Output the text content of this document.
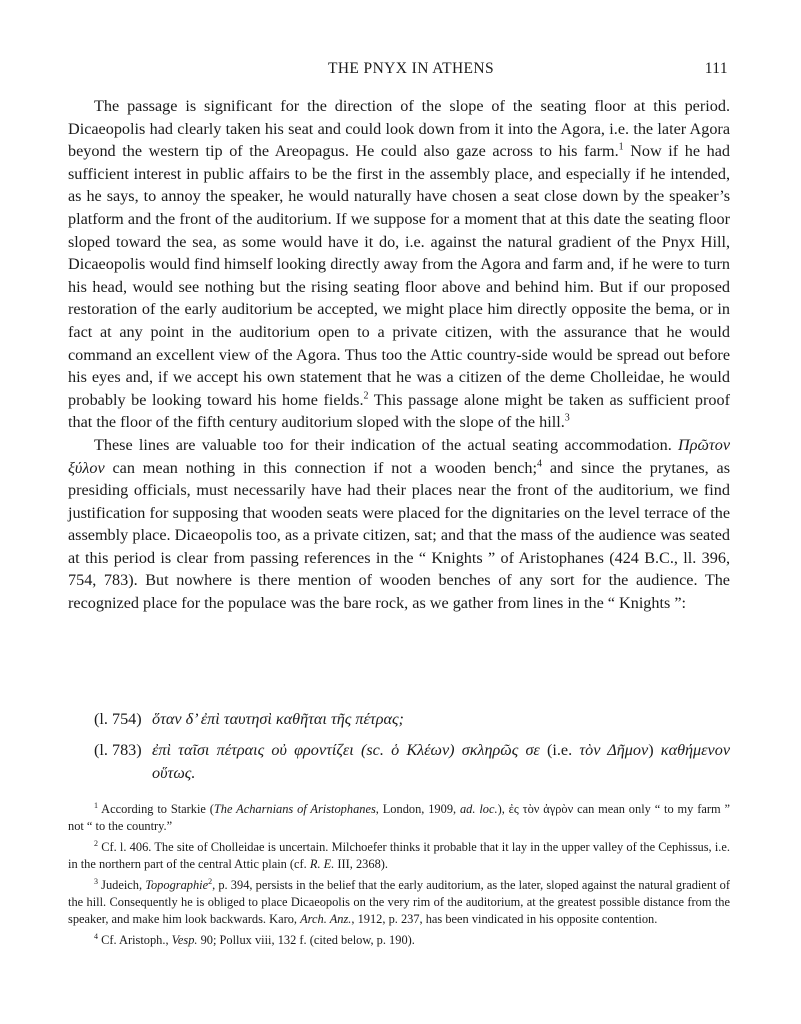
THE PNYX IN ATHENS	111

The passage is significant for the direction of the slope of the seating floor at this period. Dicaeopolis had clearly taken his seat and could look down from it into the Agora, i.e. the later Agora beyond the western tip of the Areopagus. He could also gaze across to his farm.$^1$ Now if he had sufficient interest in public affairs to be the first in the assembly place, and especially if he intended, as he says, to annoy the speaker, he would naturally have chosen a seat close down by the speaker’s platform and the front of the auditorium. If we suppose for a moment that at this date the seating floor sloped toward the sea, as some would have it do, i.e. against the natural gradient of the Pnyx Hill, Dicaeopolis would find himself looking directly away from the Agora and farm and, if he were to turn his head, would see nothing but the rising seating floor above and behind him. But if our proposed restoration of the early auditorium be accepted, we might place him directly opposite the bema, or in fact at any point in the auditorium open to a private citizen, with the assurance that he would command an excellent view of the Agora. Thus too the Attic country-side would be spread out before his eyes and, if we accept his own statement that he was a citizen of the deme Cholleidae, he would probably be looking toward his home fields.$^2$ This passage alone might be taken as sufficient proof that the floor of the fifth century auditorium sloped with the slope of the hill.$^3$

These lines are valuable too for their indication of the actual seating accommodation. Πρῶτον ξύλον can mean nothing in this connection if not a wooden bench;$^4$ and since the prytanes, as presiding officials, must necessarily have had their places near the front of the auditorium, we find justification for supposing that wooden seats were placed for the dignitaries on the level terrace of the assembly place. Dicaeopolis too, as a private citizen, sat; and that the mass of the audience was seated at this period is clear from passing references in the “ Knights ” of Aristophanes (424 B.C., ll. 396, 754, 783). But nowhere is there mention of wooden benches of any sort for the audience. The recognized place for the populace was the bare rock, as we gather from lines in the “ Knights ”:

(l. 754) ὅταν δ’ ἐπὶ ταυτησὶ καθῆται τῆς πέτρας;
(l. 783) ἐπὶ ταῖσι πέτραις οὐ φροντίζει (sc. ὁ Κλέων) σκληρῶς σε (i.e. τὸν Δῆμον) καθήμενον οὕτως.

$^1$ According to Starkie (The Acharnians of Aristophanes, London, 1909, ad. loc.), ἐς τὸν ἀγρὸν can mean only “ to my farm ” not “ to the country.”

$^2$ Cf. l. 406. The site of Cholleidae is uncertain. Milchoefer thinks it probable that it lay in the upper valley of the Cephissus, i.e. in the northern part of the central Attic plain (cf. R. E. III, 2368).

$^3$ Judeich, Topographie$^2$, p. 394, persists in the belief that the early auditorium, as the later, sloped against the natural gradient of the hill. Consequently he is obliged to place Dicaeopolis on the very rim of the auditorium, at the greatest possible distance from the speaker, and make him look backwards. Karo, Arch. Anz., 1912, p. 237, has been vindicated in his opposite contention.

$^4$ Cf. Aristoph., Vesp. 90; Pollux viii, 132 f. (cited below, p. 190).
